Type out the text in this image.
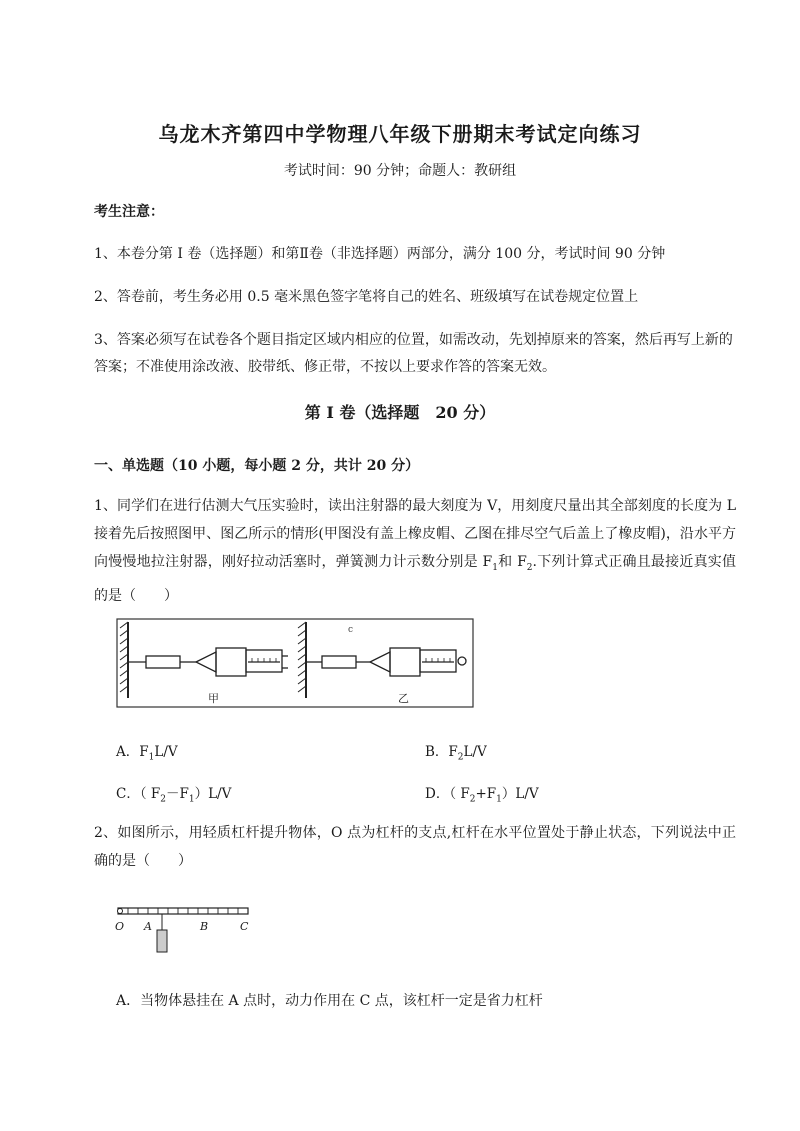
乌龙木齐第四中学物理八年级下册期末考试定向练习
考试时间：90 分钟；命题人：教研组
考生注意：
1、本卷分第 I 卷（选择题）和第Ⅱ卷（非选择题）两部分，满分 100 分，考试时间 90 分钟
2、答卷前，考生务必用 0.5 毫米黑色签字笔将自己的姓名、班级填写在试卷规定位置上
3、答案必须写在试卷各个题目指定区域内相应的位置，如需改动，先划掉原来的答案，然后再写上新的答案；不准使用涂改液、胶带纸、修正带，不按以上要求作答的答案无效。
第 I 卷（选择题　20 分）
一、单选题（10 小题，每小题 2 分，共计 20 分）
1、同学们在进行估测大气压实验时，读出注射器的最大刻度为 V，用刻度尺量出其全部刻度的长度为 L 接着先后按照图甲、图乙所示的情形(甲图没有盖上橡皮帽、乙图在排尽空气后盖上了橡皮帽)，沿水平方向慢慢地拉注射器，刚好拉动活塞时，弹簧测力计示数分别是 $F_1$和 $F_2$.下列计算式正确且最接近真实值的是（　　）
甲	乙
c
A．$F_1L/V$	B．$F_2L/V$
C．（ $F_2-F_1)L/V$	D．（ $F_2+F_1)L/V$
2、如图所示，用轻质杠杆提升物体，O 点为杠杆的支点,杠杆在水平位置处于静止状态，下列说法中正确的是（　　）
O A	B	C
A．当物体悬挂在 A 点时，动力作用在 C 点，该杠杆一定是省力杠杆
